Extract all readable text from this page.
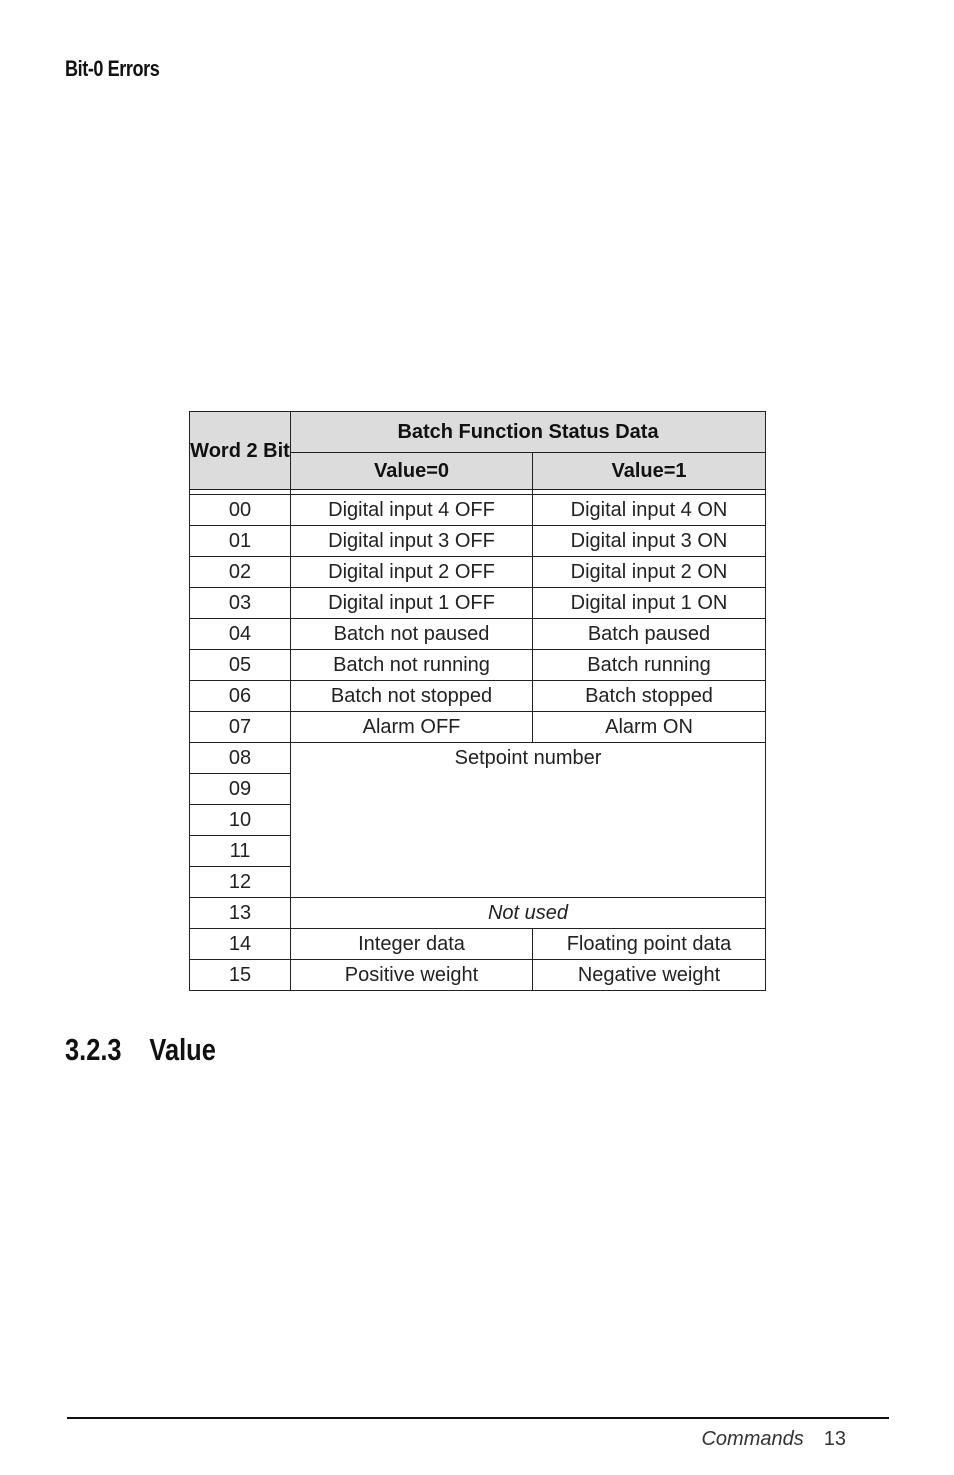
Bit-0 Errors
Word 2 Bit	Batch Function Status Data	
	Value=0	Value=1

00	Digital input 4 OFF	Digital input 4 ON
01	Digital input 3 OFF	Digital input 3 ON
02	Digital input 2 OFF	Digital input 2 ON
03	Digital input 1 OFF	Digital input 1 ON
04	Batch not paused	Batch paused
05	Batch not running	Batch running
06	Batch not stopped	Batch stopped
07	Alarm OFF	Alarm ON
08	Setpoint number	
09		
10		
11		
12		
13	Not used	
14	Integer data	Floating point data
15	Positive weight	Negative weight
3.2.3 Value
Commands 13
